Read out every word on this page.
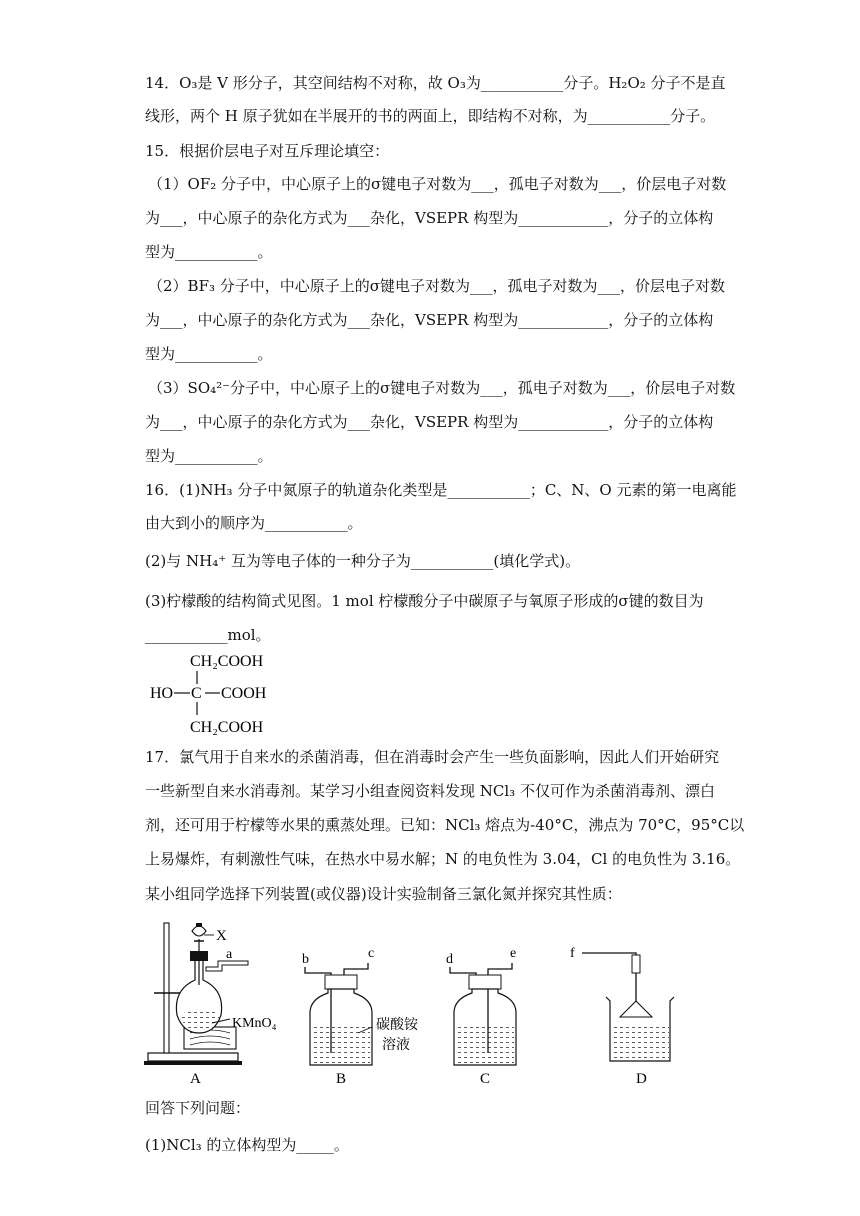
14．O₃是 V 形分子，其空间结构不对称，故 O₃为___________分子。H₂O₂ 分子不是直
线形，两个 H 原子犹如在半展开的书的两面上，即结构不对称，为___________分子。
15．根据价层电子对互斥理论填空：
（1）OF₂ 分子中，中心原子上的σ键电子对数为___，孤电子对数为___，价层电子对数
为___，中心原子的杂化方式为___杂化，VSEPR 构型为____________，分子的立体构
型为___________。
（2）BF₃ 分子中，中心原子上的σ键电子对数为___，孤电子对数为___，价层电子对数
为___，中心原子的杂化方式为___杂化，VSEPR 构型为____________，分子的立体构
型为___________。
（3）SO₄²⁻分子中，中心原子上的σ键电子对数为___，孤电子对数为___，价层电子对数
为___，中心原子的杂化方式为___杂化，VSEPR 构型为____________，分子的立体构
型为___________。
16．(1)NH₃ 分子中氮原子的轨道杂化类型是___________；C、N、O 元素的第一电离能
由大到小的顺序为___________。
(2)与 NH₄⁺ 互为等电子体的一种分子为___________(填化学式)。
(3)柠檬酸的结构简式见图。1 mol 柠檬酸分子中碳原子与氧原子形成的σ键的数目为
___________mol。
CH₂COOH
HO C COOH
CH₂COOH
17．氯气用于自来水的杀菌消毒，但在消毒时会产生一些负面影响，因此人们开始研究
一些新型自来水消毒剂。某学习小组查阅资料发现 NCl₃ 不仅可作为杀菌消毒剂、漂白
剂，还可用于柠檬等水果的熏蒸处理。已知：NCl₃ 熔点为-40°C，沸点为 70°C，95°C以
上易爆炸，有刺激性气味，在热水中易水解；N 的电负性为 3.04，Cl 的电负性为 3.16。
某小组同学选择下列装置(或仪器)设计实验制备三氯化氮并探究其性质：
X
a
KMnO₄
A
b	c
碳酸铵
溶液
B
d	e
C
f
D
回答下列问题：
(1)NCl₃ 的立体构型为_____。
